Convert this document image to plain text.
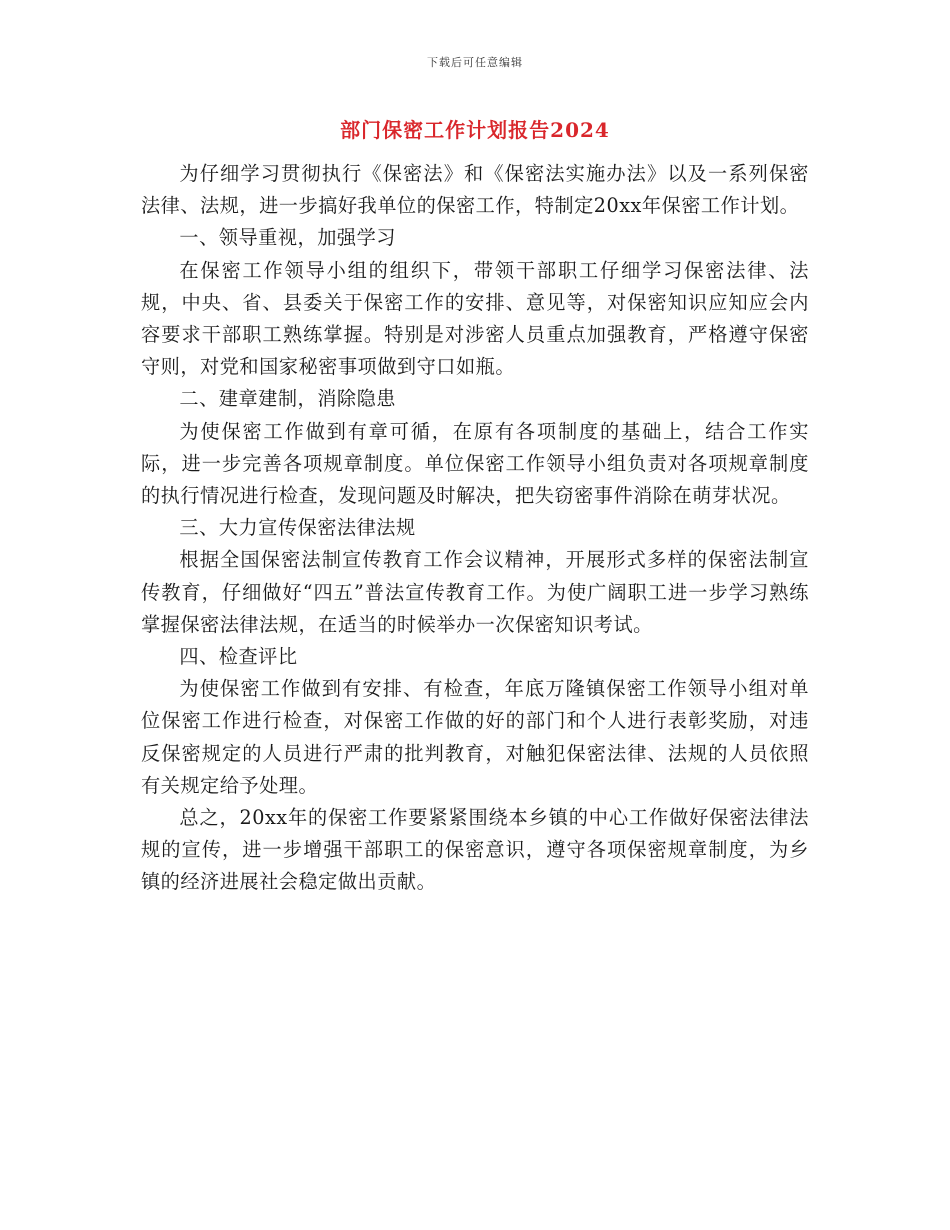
下载后可任意编辑
部门保密工作计划报告2024

为仔细学习贯彻执行《保密法》和《保密法实施办法》以及一系列保密法律、法规，进一步搞好我单位的保密工作，特制定20xx年保密工作计划。

一、领导重视，加强学习

在保密工作领导小组的组织下，带领干部职工仔细学习保密法律、法规，中央、省、县委关于保密工作的安排、意见等，对保密知识应知应会内容要求干部职工熟练掌握。特别是对涉密人员重点加强教育，严格遵守保密守则，对党和国家秘密事项做到守口如瓶。

二、建章建制，消除隐患

为使保密工作做到有章可循，在原有各项制度的基础上，结合工作实际，进一步完善各项规章制度。单位保密工作领导小组负责对各项规章制度的执行情况进行检查，发现问题及时解决，把失窃密事件消除在萌芽状况。

三、大力宣传保密法律法规

根据全国保密法制宣传教育工作会议精神，开展形式多样的保密法制宣传教育，仔细做好“四五”普法宣传教育工作。为使广阔职工进一步学习熟练掌握保密法律法规，在适当的时候举办一次保密知识考试。

四、检查评比

为使保密工作做到有安排、有检查，年底万隆镇保密工作领导小组对单位保密工作进行检查，对保密工作做的好的部门和个人进行表彰奖励，对违反保密规定的人员进行严肃的批判教育，对触犯保密法律、法规的人员依照有关规定给予处理。

总之，20xx年的保密工作要紧紧围绕本乡镇的中心工作做好保密法律法规的宣传，进一步增强干部职工的保密意识，遵守各项保密规章制度，为乡镇的经济进展社会稳定做出贡献。
